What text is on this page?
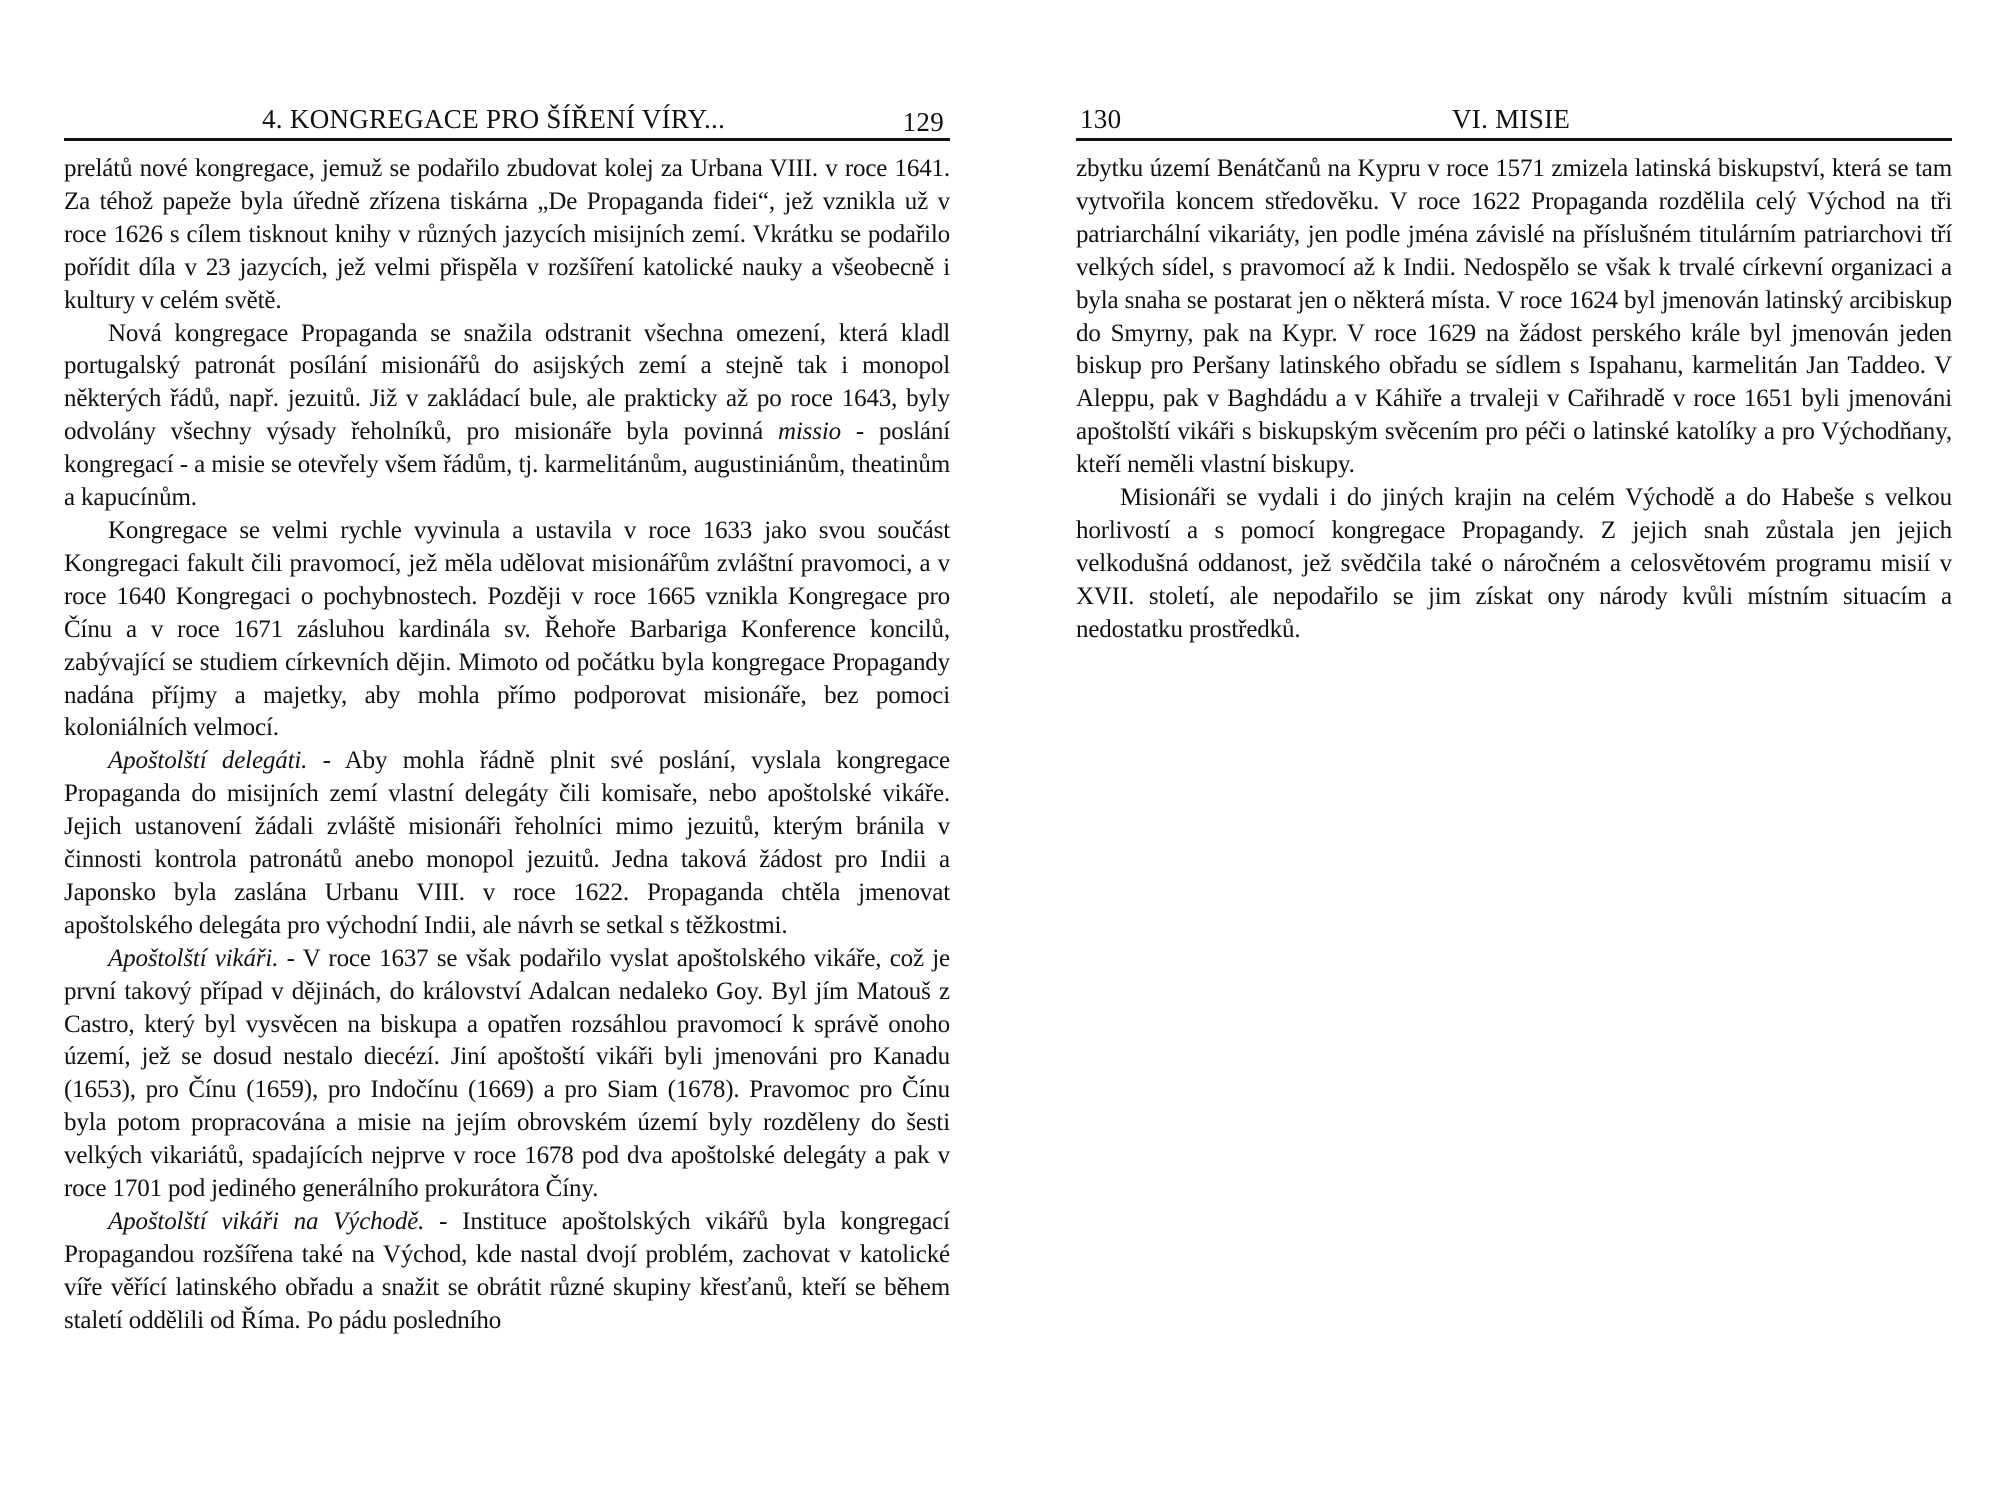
4. KONGREGACE PRO ŠÍŘENÍ VÍRY...	129

prelátů nové kongregace, jemuž se podařilo zbudovat kolej za Urbana VIII. v roce 1641. Za téhož papeže byla úředně zřízena tiskárna „De Propaganda fidei“, jež vznikla už v roce 1626 s cílem tisknout knihy v různých jazycích misijních zemí. Vkrátku se podařilo pořídit díla v 23 jazycích, jež velmi přispěla v rozšíření katolické nauky a všeobecně i kultury v celém světě.

Nová kongregace Propaganda se snažila odstranit všechna omezení, která kladl portugalský patronát posílání misionářů do asijských zemí a stejně tak i monopol některých řádů, např. jezuitů. Již v zakládací bule, ale prakticky až po roce 1643, byly odvolány všechny výsady řeholníků, pro misionáře byla povinná missio - poslání kongregací - a misie se otevřely všem řádům, tj. karmelitánům, augustiniánům, theatinům a kapucínům.

Kongregace se velmi rychle vyvinula a ustavila v roce 1633 jako svou součást Kongregaci fakult čili pravomocí, jež měla udělovat misionářům zvláštní pravomoci, a v roce 1640 Kongregaci o pochybnostech. Později v roce 1665 vznikla Kongregace pro Čínu a v roce 1671 zásluhou kardinála sv. Řehoře Barbariga Konference koncilů, zabývající se studiem církevních dějin. Mimoto od počátku byla kongregace Propagandy nadána příjmy a majetky, aby mohla přímo podporovat misionáře, bez pomoci koloniálních velmocí.

Apoštolští delegáti. - Aby mohla řádně plnit své poslání, vyslala kongregace Propaganda do misijních zemí vlastní delegáty čili komisaře, nebo apoštolské vikáře. Jejich ustanovení žádali zvláště misionáři řeholníci mimo jezuitů, kterým bránila v činnosti kontrola patronátů anebo monopol jezuitů. Jedna taková žádost pro Indii a Japonsko byla zaslána Urbanu VIII. v roce 1622. Propaganda chtěla jmenovat apoštolského delegáta pro východní Indii, ale návrh se setkal s těžkostmi.

Apoštolští vikáři. - V roce 1637 se však podařilo vyslat apoštolského vikáře, což je první takový případ v dějinách, do království Adalcan nedaleko Goy. Byl jím Matouš z Castro, který byl vysvěcen na biskupa a opatřen rozsáhlou pravomocí k správě onoho území, jež se dosud nestalo diecézí. Jiní apoštoští vikáři byli jmenováni pro Kanadu (1653), pro Čínu (1659), pro Indočínu (1669) a pro Siam (1678). Pravomoc pro Čínu byla potom propracována a misie na jejím obrovském území byly rozděleny do šesti velkých vikariátů, spadajících nejprve v roce 1678 pod dva apoštolské delegáty a pak v roce 1701 pod jediného generálního prokurátora Číny.

Apoštolští vikáři na Východě. - Instituce apoštolských vikářů byla kongregací Propagandou rozšířena také na Východ, kde nastal dvojí problém, zachovat v katolické víře věřící latinského obřadu a snažit se obrátit různé skupiny křesťanů, kteří se během staletí oddělili od Říma. Po pádu posledního

130	VI. MISIE

zbytku území Benátčanů na Kypru v roce 1571 zmizela latinská biskupství, která se tam vytvořila koncem středověku. V roce 1622 Propaganda rozdělila celý Východ na tři patriarchální vikariáty, jen podle jména závislé na příslušném titulárním patriarchovi tří velkých sídel, s pravomocí až k Indii. Nedospělo se však k trvalé církevní organizaci a byla snaha se postarat jen o některá místa. V roce 1624 byl jmenován latinský arcibiskup do Smyrny, pak na Kypr. V roce 1629 na žádost perského krále byl jmenován jeden biskup pro Peršany latinského obřadu se sídlem s Ispahanu, karmelitán Jan Taddeo. V Aleppu, pak v Baghdádu a v Káhiře a trvaleji v Cařihradě v roce 1651 byli jmenováni apoštolští vikáři s biskupským svěcením pro péči o latinské katolíky a pro Východňany, kteří neměli vlastní biskupy.

Misionáři se vydali i do jiných krajin na celém Východě a do Habeše s velkou horlivostí a s pomocí kongregace Propagandy. Z jejich snah zůstala jen jejich velkodušná oddanost, jež svědčila také o náročném a celosvětovém programu misií v XVII. století, ale nepodařilo se jim získat ony národy kvůli místním situacím a nedostatku prostředků.
